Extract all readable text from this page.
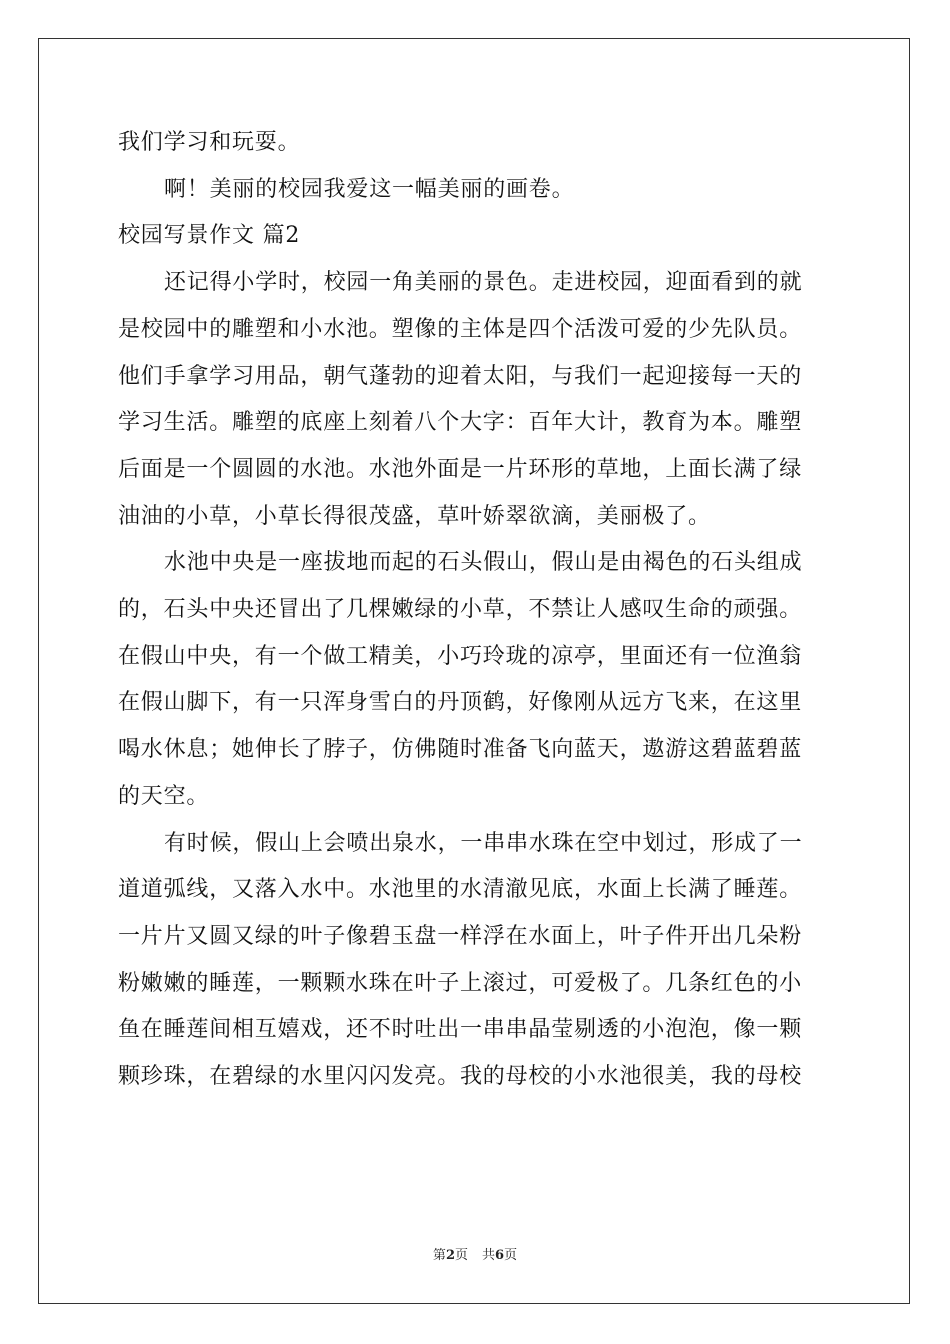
我们学习和玩耍。
啊！美丽的校园我爱这一幅美丽的画卷。
校园写景作文 篇2
还记得小学时，校园一角美丽的景色。走进校园，迎面看到的就
是校园中的雕塑和小水池。塑像的主体是四个活泼可爱的少先队员。
他们手拿学习用品，朝气蓬勃的迎着太阳，与我们一起迎接每一天的
学习生活。雕塑的底座上刻着八个大字：百年大计，教育为本。雕塑
后面是一个圆圆的水池。水池外面是一片环形的草地，上面长满了绿
油油的小草，小草长得很茂盛，草叶娇翠欲滴，美丽极了。
水池中央是一座拔地而起的石头假山，假山是由褐色的石头组成
的，石头中央还冒出了几棵嫩绿的小草，不禁让人感叹生命的顽强。
在假山中央，有一个做工精美，小巧玲珑的凉亭，里面还有一位渔翁
在假山脚下，有一只浑身雪白的丹顶鹤，好像刚从远方飞来，在这里
喝水休息；她伸长了脖子，仿佛随时准备飞向蓝天，遨游这碧蓝碧蓝
的天空。
有时候，假山上会喷出泉水，一串串水珠在空中划过，形成了一
道道弧线，又落入水中。水池里的水清澈见底，水面上长满了睡莲。
一片片又圆又绿的叶子像碧玉盘一样浮在水面上，叶子件开出几朵粉
粉嫩嫩的睡莲，一颗颗水珠在叶子上滚过，可爱极了。几条红色的小
鱼在睡莲间相互嬉戏，还不时吐出一串串晶莹剔透的小泡泡，像一颗
颗珍珠，在碧绿的水里闪闪发亮。我的母校的小水池很美，我的母校
第2页 共6页
